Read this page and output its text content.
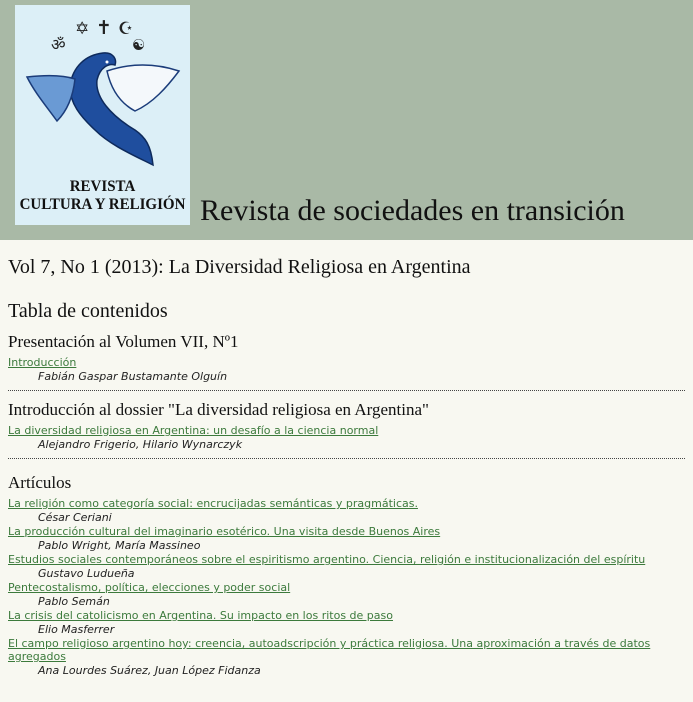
ॐ
✡ ✝ ☪
☯
REVISTA
CULTURA Y RELIGIÓN Revista de sociedades en transición
Vol 7, No 1 (2013): La Diversidad Religiosa en Argentina
Tabla de contenidos
Presentación al Volumen VII, Nº1
Introducción
Fabián Gaspar Bustamante Olguín
Introducción al dossier "La diversidad religiosa en Argentina"
La diversidad religiosa en Argentina: un desafío a la ciencia normal
Alejandro Frigerio, Hilario Wynarczyk
Artículos
La religión como categoría social: encrucijadas semánticas y pragmáticas.
César Ceriani
La producción cultural del imaginario esotérico. Una visita desde Buenos Aires
Pablo Wright, María Massineo
Estudios sociales contemporáneos sobre el espiritismo argentino. Ciencia, religión e institucionalización del espíritu
Gustavo Ludueña
Pentecostalismo, política, elecciones y poder social
Pablo Semán
La crisis del catolicismo en Argentina. Su impacto en los ritos de paso
Elio Masferrer
El campo religioso argentino hoy: creencia, autoadscripción y práctica religiosa. Una aproximación a través de datos agregados
Ana Lourdes Suárez, Juan López Fidanza
